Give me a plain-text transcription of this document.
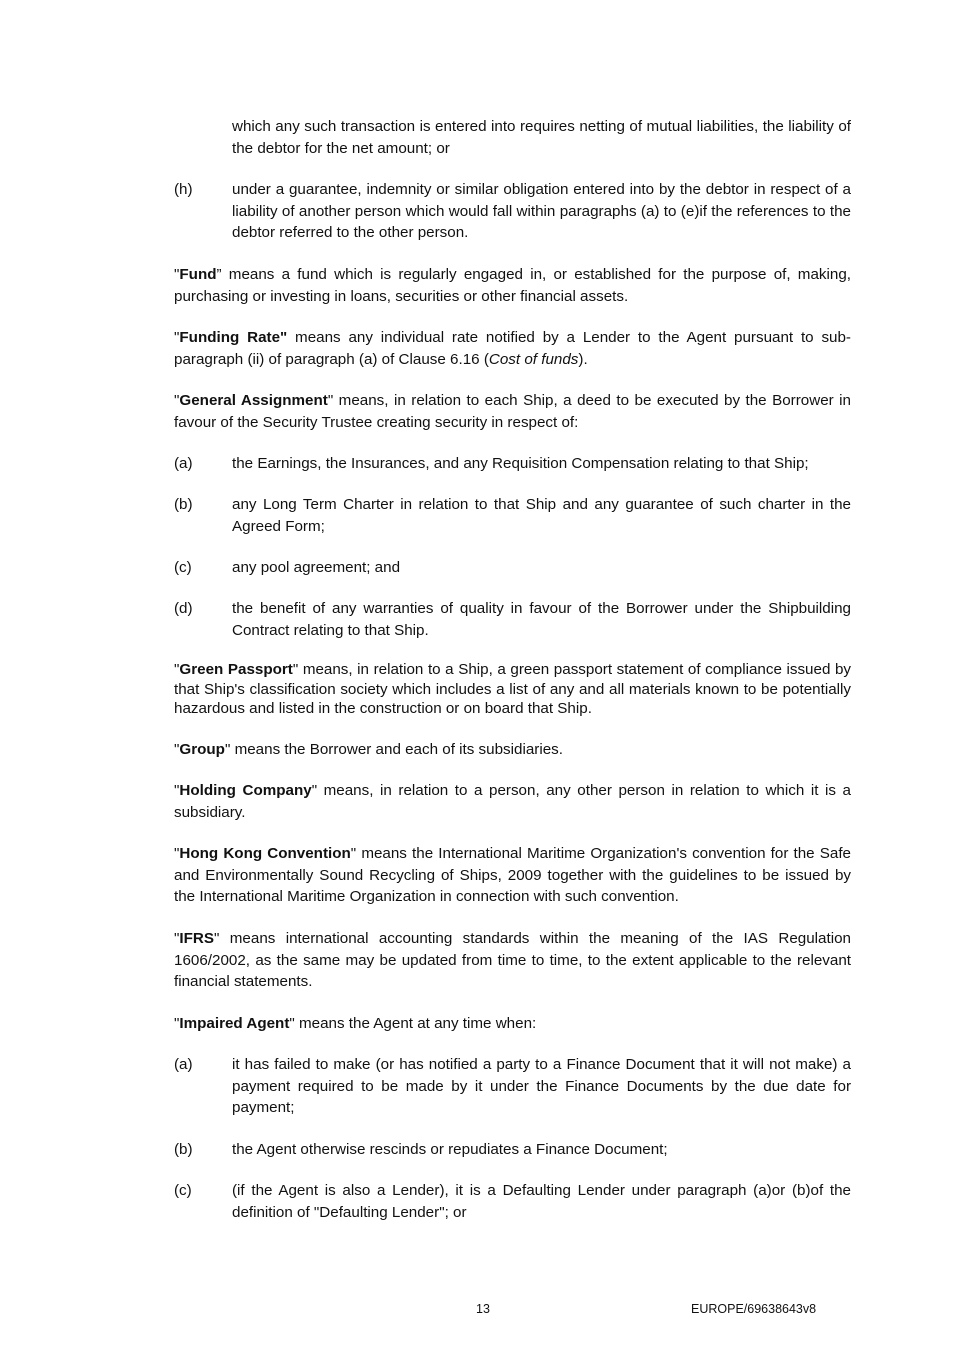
which any such transaction is entered into requires netting of mutual liabilities, the liability of the debtor for the net amount; or

(h)	under a guarantee, indemnity or similar obligation entered into by the debtor in respect of a liability of another person which would fall within paragraphs (a) to (e)if the references to the debtor referred to the other person.

"Fund” means a fund which is regularly engaged in, or established for the purpose of, making, purchasing or investing in loans, securities or other financial assets.

"Funding Rate" means any individual rate notified by a Lender to the Agent pursuant to sub-paragraph (ii) of paragraph (a) of Clause 6.16 (Cost of funds).

"General Assignment" means, in relation to each Ship, a deed to be executed by the Borrower in favour of the Security Trustee creating security in respect of:

(a)	the Earnings, the Insurances, and any Requisition Compensation relating to that Ship;
(b)	any Long Term Charter in relation to that Ship and any guarantee of such charter in the Agreed Form;
(c)	any pool agreement; and
(d)	the benefit of any warranties of quality in favour of the Borrower under the Shipbuilding Contract relating to that Ship.

"Green Passport" means, in relation to a Ship, a green passport statement of compliance issued by that Ship's classification society which includes a list of any and all materials known to be potentially hazardous and listed in the construction or on board that Ship.

"Group" means the Borrower and each of its subsidiaries.

"Holding Company" means, in relation to a person, any other person in relation to which it is a subsidiary.

"Hong Kong Convention" means the International Maritime Organization's convention for the Safe and Environmentally Sound Recycling of Ships, 2009 together with the guidelines to be issued by the International Maritime Organization in connection with such convention.

"IFRS" means international accounting standards within the meaning of the IAS Regulation 1606/2002, as the same may be updated from time to time, to the extent applicable to the relevant financial statements.

"Impaired Agent" means the Agent at any time when:

(a)	it has failed to make (or has notified a party to a Finance Document that it will not make) a payment required to be made by it under the Finance Documents by the due date for payment;
(b)	the Agent otherwise rescinds or repudiates a Finance Document;
(c)	(if the Agent is also a Lender), it is a Defaulting Lender under paragraph (a)or (b)of the definition of "Defaulting Lender"; or
13	EUROPE/69638643v8
